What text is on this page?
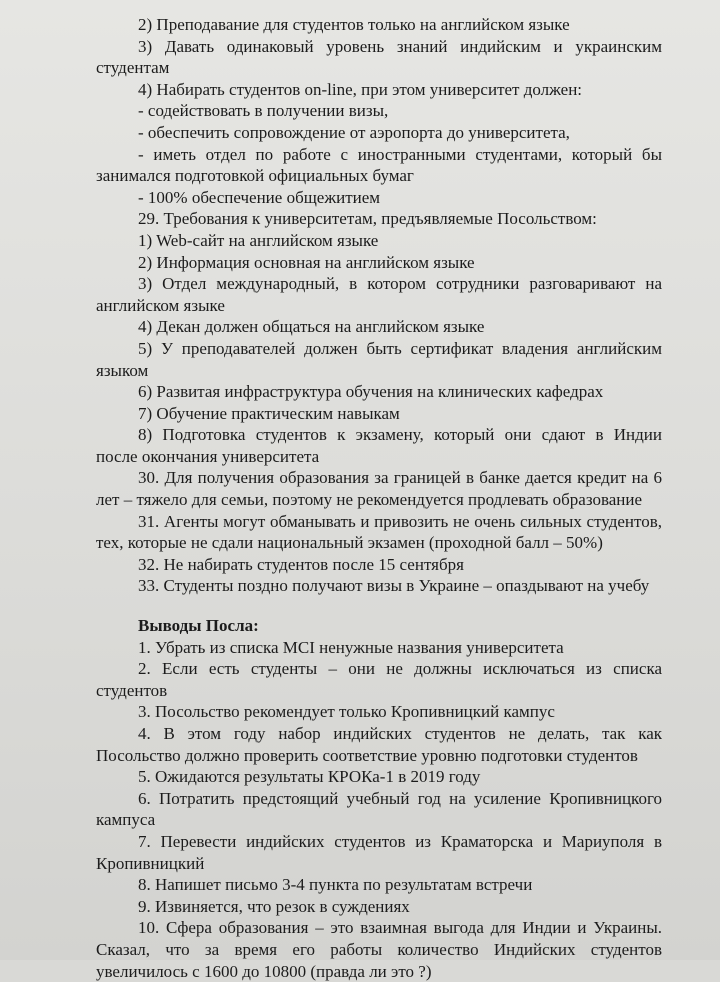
2) Преподавание для студентов только на английском языке
3) Давать одинаковый уровень знаний индийским и украинским
студентам
4) Набирать студентов on-line, при этом университет должен:
- содействовать в получении визы,
- обеспечить сопровождение от аэропорта до университета,
- иметь отдел по работе с иностранными студентами, который бы
занимался подготовкой официальных бумаг
- 100% обеспечение общежитием
29. Требования к университетам, предъявляемые Посольством:
1) Web-сайт на английском языке
2) Информация основная на английском языке
3) Отдел международный, в котором сотрудники разговаривают на
английском языке
4) Декан должен общаться на английском языке
5) У преподавателей должен быть сертификат владения английским
языком
6) Развитая инфраструктура обучения на клинических кафедрах
7) Обучение практическим навыкам
8) Подготовка студентов к экзамену, который они сдают в Индии
после окончания университета
30. Для получения образования за границей в банке дается кредит на 6
лет – тяжело для семьи, поэтому не рекомендуется продлевать образование
31. Агенты могут обманывать и привозить не очень сильных студентов,
тех, которые не сдали национальный экзамен (проходной балл – 50%)
32. Не набирать студентов после 15 сентября
33. Студенты поздно получают визы в Украине – опаздывают на учебу
Выводы Посла:
1. Убрать из списка МСІ ненужные названия университета
2. Если есть студенты – они не должны исключаться из списка
студентов
3. Посольство рекомендует только Кропивницкий кампус
4. В этом году набор индийских студентов не делать, так как
Посольство должно проверить соответствие уровню подготовки студентов
5. Ожидаются результаты КРОКа-1 в 2019 году
6. Потратить предстоящий учебный год на усиление Кропивницкого
кампуса
7. Перевести индийских студентов из Краматорска и Мариуполя в
Кропивницкий
8. Напишет письмо 3-4 пункта по результатам встречи
9. Извиняется, что резок в суждениях
10. Сфера образования – это взаимная выгода для Индии и Украины.
Сказал, что за время его работы количество Индийских студентов
увеличилось с 1600 до 10800 (правда ли это ?)
